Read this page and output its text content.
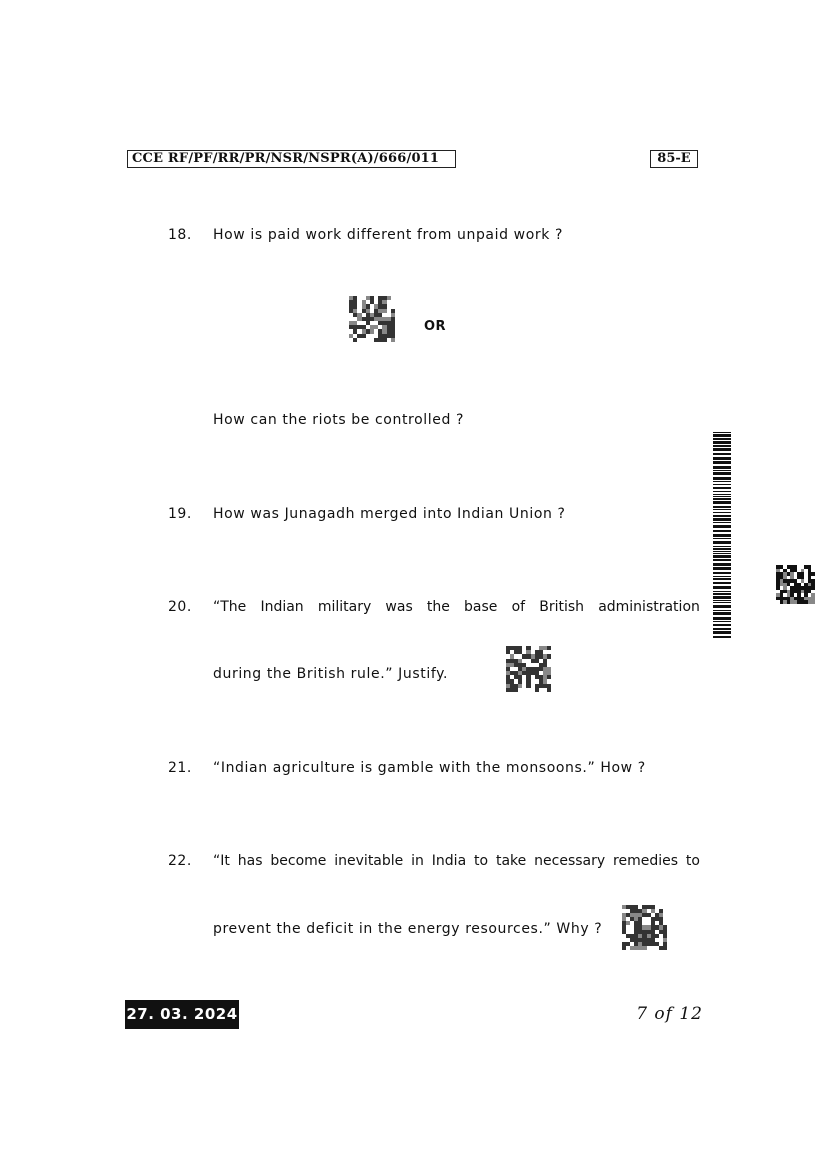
CCE RF/PF/RR/PR/NSR/NSPR(A)/666/011	85-E
18.	How is paid work different from unpaid work ?
OR
How can the riots be controlled ?
19.	How was Junagadh merged into Indian Union ?
20.	“The Indian military was the base of British administration
during the British rule.” Justify.
21.	“Indian agriculture is gamble with the monsoons.” How ?
22.	“It has become inevitable in India to take necessary remedies to
prevent the deficit in the energy resources.” Why ?
27. 03. 2024	7 of 12
